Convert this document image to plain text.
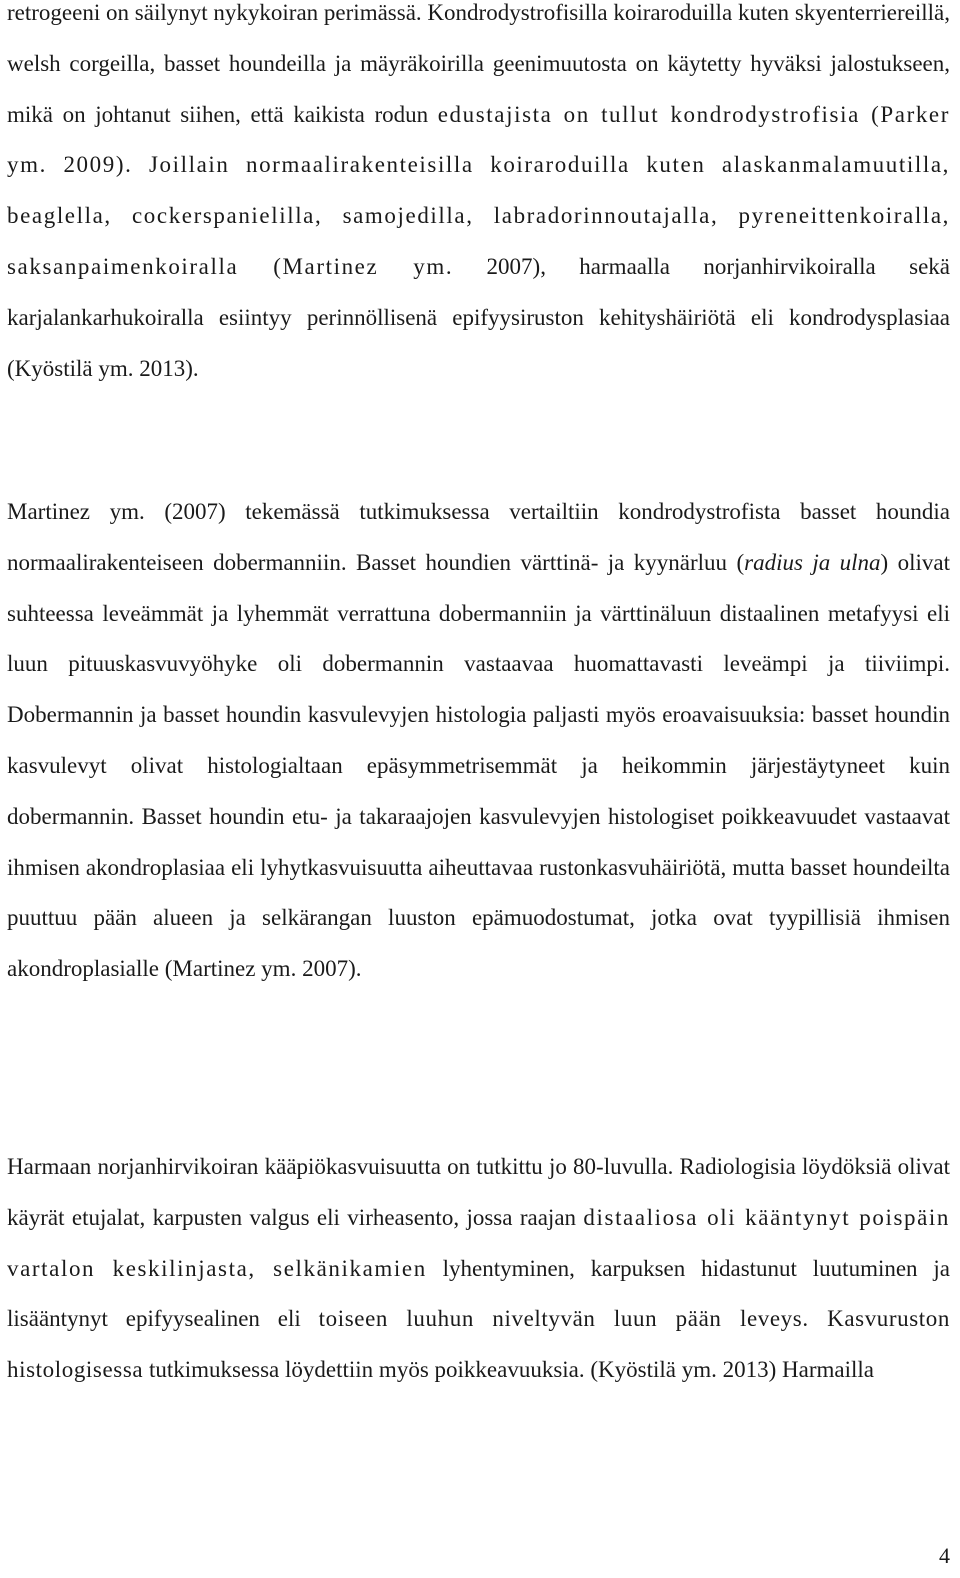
retrogeeni on säilynyt nykykoiran perimässä. Kondrodystrofisilla koiraroduilla kuten skyenterriereillä, welsh corgeilla, basset houndeilla ja mäyräkoirilla geenimuutosta on käytetty hyväksi jalostukseen, mikä on johtanut siihen, että kaikista rodun edustajista on tullut kondrodystrofisia (Parker ym. 2009). Joillain normaalirakenteisilla koiraroduilla kuten alaskanmalamuutilla, beaglella, cockerspanielilla, samojedilla, labradorinnoutajalla, pyreneittenkoiralla, saksanpaimenkoiralla (Martinez ym. 2007), harmaalla norjanhirvikoiralla sekä karjalankarhukoiralla esiintyy perinnöllisenä epifyysiruston kehityshäiriötä eli kondrodysplasiaa (Kyöstilä ym. 2013).

Martinez ym. (2007) tekemässä tutkimuksessa vertailtiin kondrodystrofista basset houndia normaalirakenteiseen dobermanniin. Basset houndien värttinä- ja kyynärluu (radius ja ulna) olivat suhteessa leveämmät ja lyhemmät verrattuna dobermanniin ja värttinäluun distaalinen metafyysi eli luun pituuskasvuvyöhyke oli dobermannin vastaavaa huomattavasti leveämpi ja tiiviimpi. Dobermannin ja basset houndin kasvulevyjen histologia paljasti myös eroavaisuuksia: basset houndin kasvulevyt olivat histologialtaan epäsymmetrisemmät ja heikommin järjestäytyneet kuin dobermannin. Basset houndin etu- ja takaraajojen kasvulevyjen histologiset poikkeavuudet vastaavat ihmisen akondroplasiaa eli lyhytkasvuisuutta aiheuttavaa rustonkasvuhäiriötä, mutta basset houndeilta puuttuu pään alueen ja selkärangan luuston epämuodostumat, jotka ovat tyypillisiä ihmisen akondroplasialle (Martinez ym. 2007).

Harmaan norjanhirvikoiran kääpiökasvuisuutta on tutkittu jo 80-luvulla. Radiologisia löydöksiä olivat käyrät etujalat, karpusten valgus eli virheasento, jossa raajan distaaliosa oli kääntynyt poispäin vartalon keskilinjasta, selkänikamien lyhentyminen, karpuksen hidastunut luutuminen ja lisääntynyt epifyysealinen eli toiseen luuhun niveltyvän luun pään leveys. Kasvuruston histologisessa tutkimuksessa löydettiin myös poikkeavuuksia. (Kyöstilä ym. 2013) Harmailla

4
